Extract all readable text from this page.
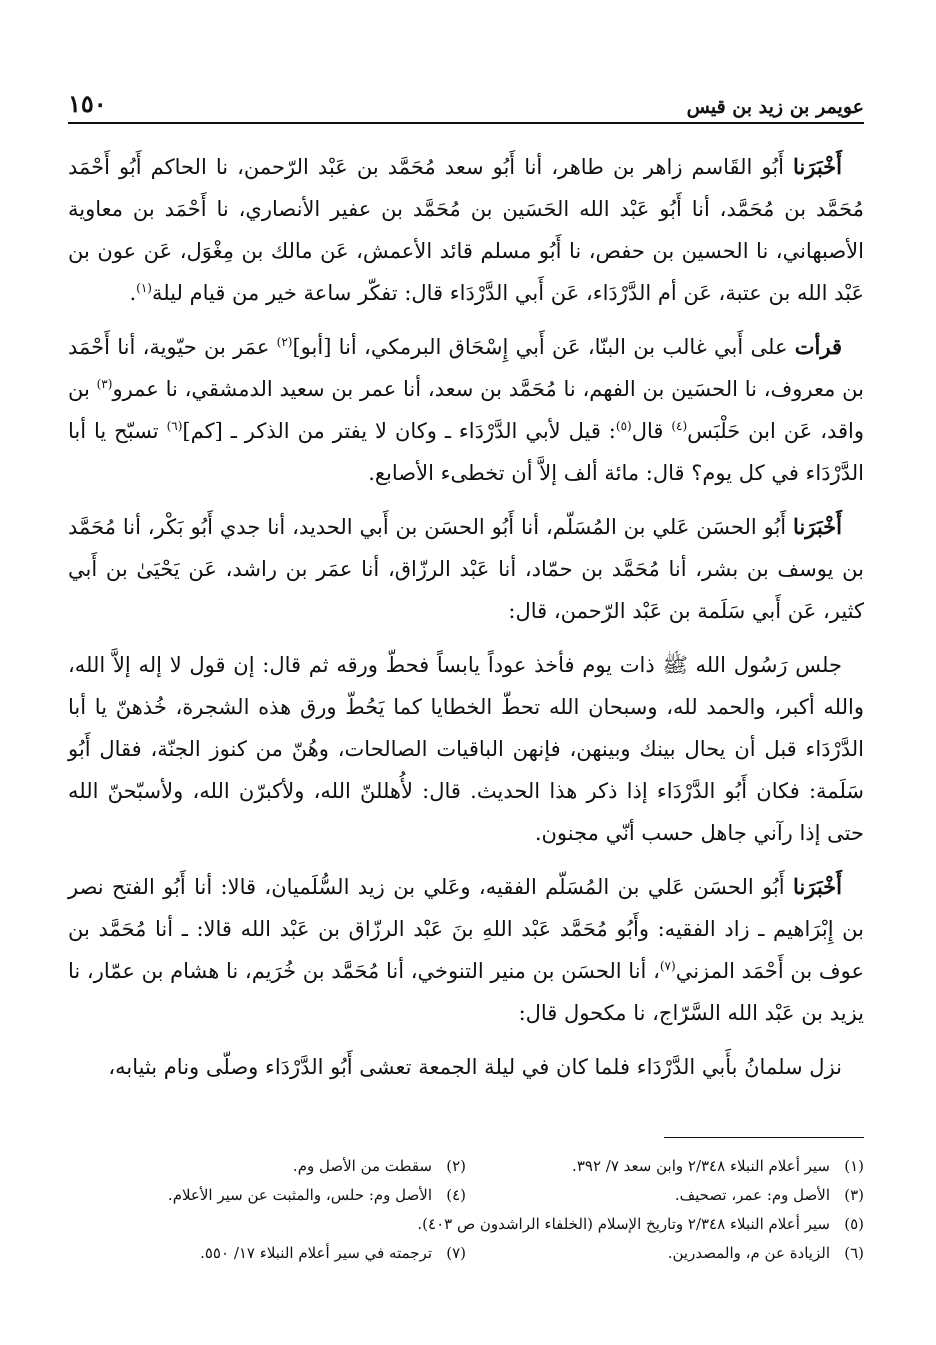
عويمر بن زيد بن قيس
١٥٠

أَخْبَرَنا أَبُو القَاسم زاهر بن طاهر، أنا أَبُو سعد مُحَمَّد بن عَبْد الرّحمن، نا الحاكم أَبُو أَحْمَد مُحَمَّد بن مُحَمَّد، أنا أَبُو عَبْد الله الحَسَين بن مُحَمَّد بن عفير الأنصاري، نا أَحْمَد بن معاوية الأصبهاني، نا الحسين بن حفص، نا أَبُو مسلم قائد الأعمش، عَن مالك بن مِغْوَل، عَن عون بن عَبْد الله بن عتبة، عَن أم الدَّرْدَاء، عَن أَبي الدَّرْدَاء قال: تفكّر ساعة خير من قيام ليلة$^{(١)}$.

قرأت على أَبي غالب بن البنّا، عَن أَبي إِسْحَاق البرمكي، أنا [أبو]$^{(٢)}$ عمَر بن حيّوية، أنا أَحْمَد بن معروف، نا الحسَين بن الفهم، نا مُحَمَّد بن سعد، أنا عمر بن سعيد الدمشقي، نا عمرو$^{(٣)}$ بن واقد، عَن ابن حَلْبَس$^{(٤)}$ قال$^{(٥)}$: قيل لأبي الدَّرْدَاء ـ وكان لا يفتر من الذكر ـ [كم]$^{(٦)}$ تسبّح يا أبا الدَّرْدَاء في كل يوم؟ قال: مائة ألف إلاَّ أن تخطىء الأصابع.

أَخْبَرَنا أَبُو الحسَن عَلي بن المُسَلّم، أنا أَبُو الحسَن بن أَبي الحديد، أنا جدي أَبُو بَكْر، أنا مُحَمَّد بن يوسف بن بشر، أنا مُحَمَّد بن حمّاد، أنا عَبْد الرزّاق، أنا عمَر بن راشد، عَن يَحْيَىٰ بن أَبي كثير، عَن أَبي سَلَمة بن عَبْد الرّحمن، قال:

جلس رَسُول الله ﷺ ذات يوم فأخذ عوداً يابساً فحطّ ورقه ثم قال: إن قول لا إله إلاَّ الله، والله أكبر، والحمد لله، وسبحان الله تحطّ الخطايا كما يَحُطّ ورق هذه الشجرة، خُذهنّ يا أبا الدَّرْدَاء قبل أن يحال بينك وبينهن، فإنهن الباقيات الصالحات، وهُنّ من كنوز الجنّة، فقال أَبُو سَلَمة: فكان أَبُو الدَّرْدَاء إذا ذكر هذا الحديث. قال: لأُهللنّ الله، ولأكبرّن الله، ولأسبّحنّ الله حتى إذا رآني جاهل حسب أنّي مجنون.

أَخْبَرَنا أَبُو الحسَن عَلي بن المُسَلّم الفقيه، وعَلي بن زيد السُّلَميان، قالا: أنا أَبُو الفتح نصر بن إِبْرَاهيم ـ زاد الفقيه: وأَبُو مُحَمَّد عَبْد اللهِ بنَ عَبْد الرزّاق بن عَبْد الله قالا: ـ أنا مُحَمَّد بن عوف بن أَحْمَد المزني$^{(٧)}$، أنا الحسَن بن منير التنوخي، أنا مُحَمَّد بن خُرَيم، نا هشام بن عمّار، نا يزيد بن عَبْد الله السَّرّاج، نا مكحول قال:

نزل سلمانُ بأَبي الدَّرْدَاء فلما كان في ليلة الجمعة تعشى أَبُو الدَّرْدَاء وصلّى ونام بثيابه،

(١)سير أعلام النبلاء ٢/٣٤٨ وابن سعد ٧/ ٣٩٢.
(٢)سقطت من الأصل وم.
(٣)الأصل وم: عمر، تصحيف.
(٤)الأصل وم: حلس، والمثبت عن سير الأعلام.
(٥)سير أعلام النبلاء ٢/٣٤٨ وتاريخ الإسلام (الخلفاء الراشدون ص ٤٠٣).
(٦)الزيادة عن م، والمصدرين.
(٧)ترجمته في سير أعلام النبلاء ١٧/ ٥٥٠.
